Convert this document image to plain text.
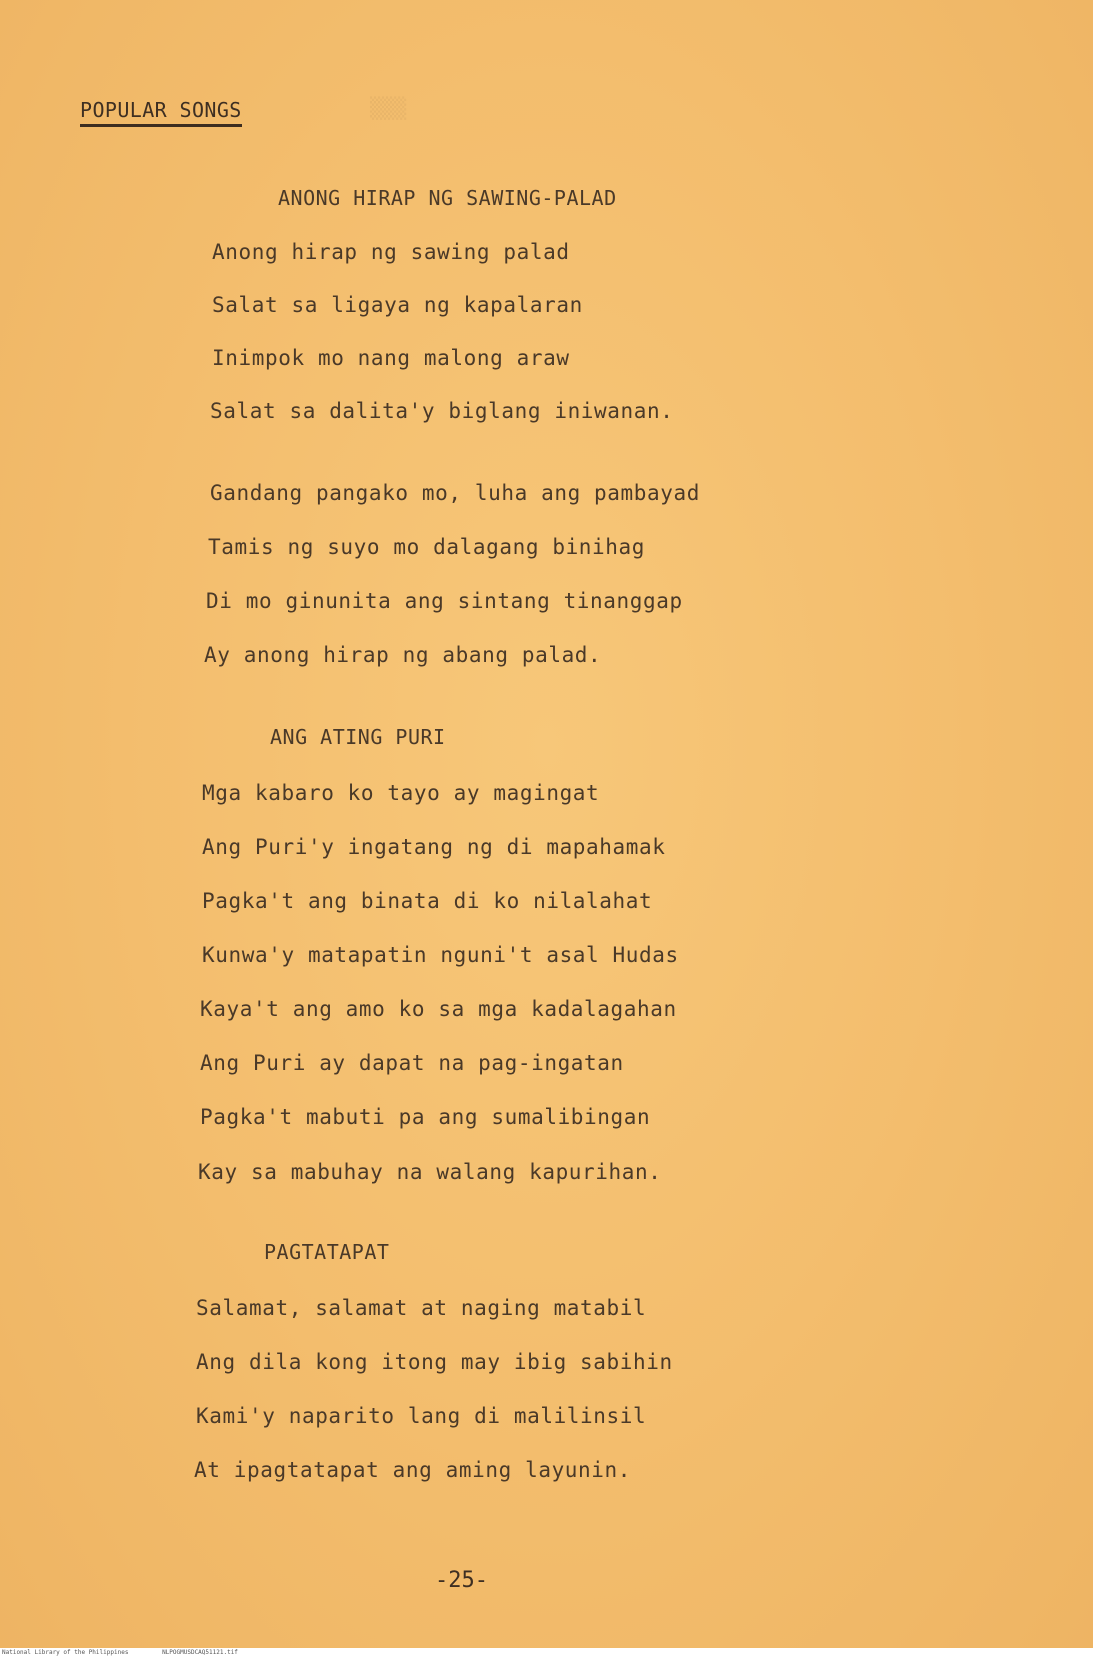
▒▒▒
POPULAR SONGS
ANONG HIRAP NG SAWING-PALAD
Anong hirap ng sawing palad
Salat sa ligaya ng kapalaran
Inimpok mo nang malong araw
Salat sa dalita'y biglang iniwanan.
Gandang pangako mo, luha ang pambayad
Tamis ng suyo mo dalagang binihag
Di mo ginunita ang sintang tinanggap
Ay anong hirap ng abang palad.
ANG ATING PURI
Mga kabaro ko tayo ay magingat
Ang Puri'y ingatang ng di mapahamak
Pagka't ang binata di ko nilalahat
Kunwa'y matapatin nguni't asal Hudas
Kaya't ang amo ko sa mga kadalagahan
Ang Puri ay dapat na pag-ingatan
Pagka't mabuti pa ang sumalibingan
Kay sa mabuhay na walang kapurihan.
PAGTATAPAT
Salamat, salamat at naging matabil
Ang dila kong itong may ibig sabihin
Kami'y naparito lang di malilinsil
At ipagtatapat ang aming layunin.
-25-
National Library of the Philippines	NLPOGMUSDCAQ51121.tif
